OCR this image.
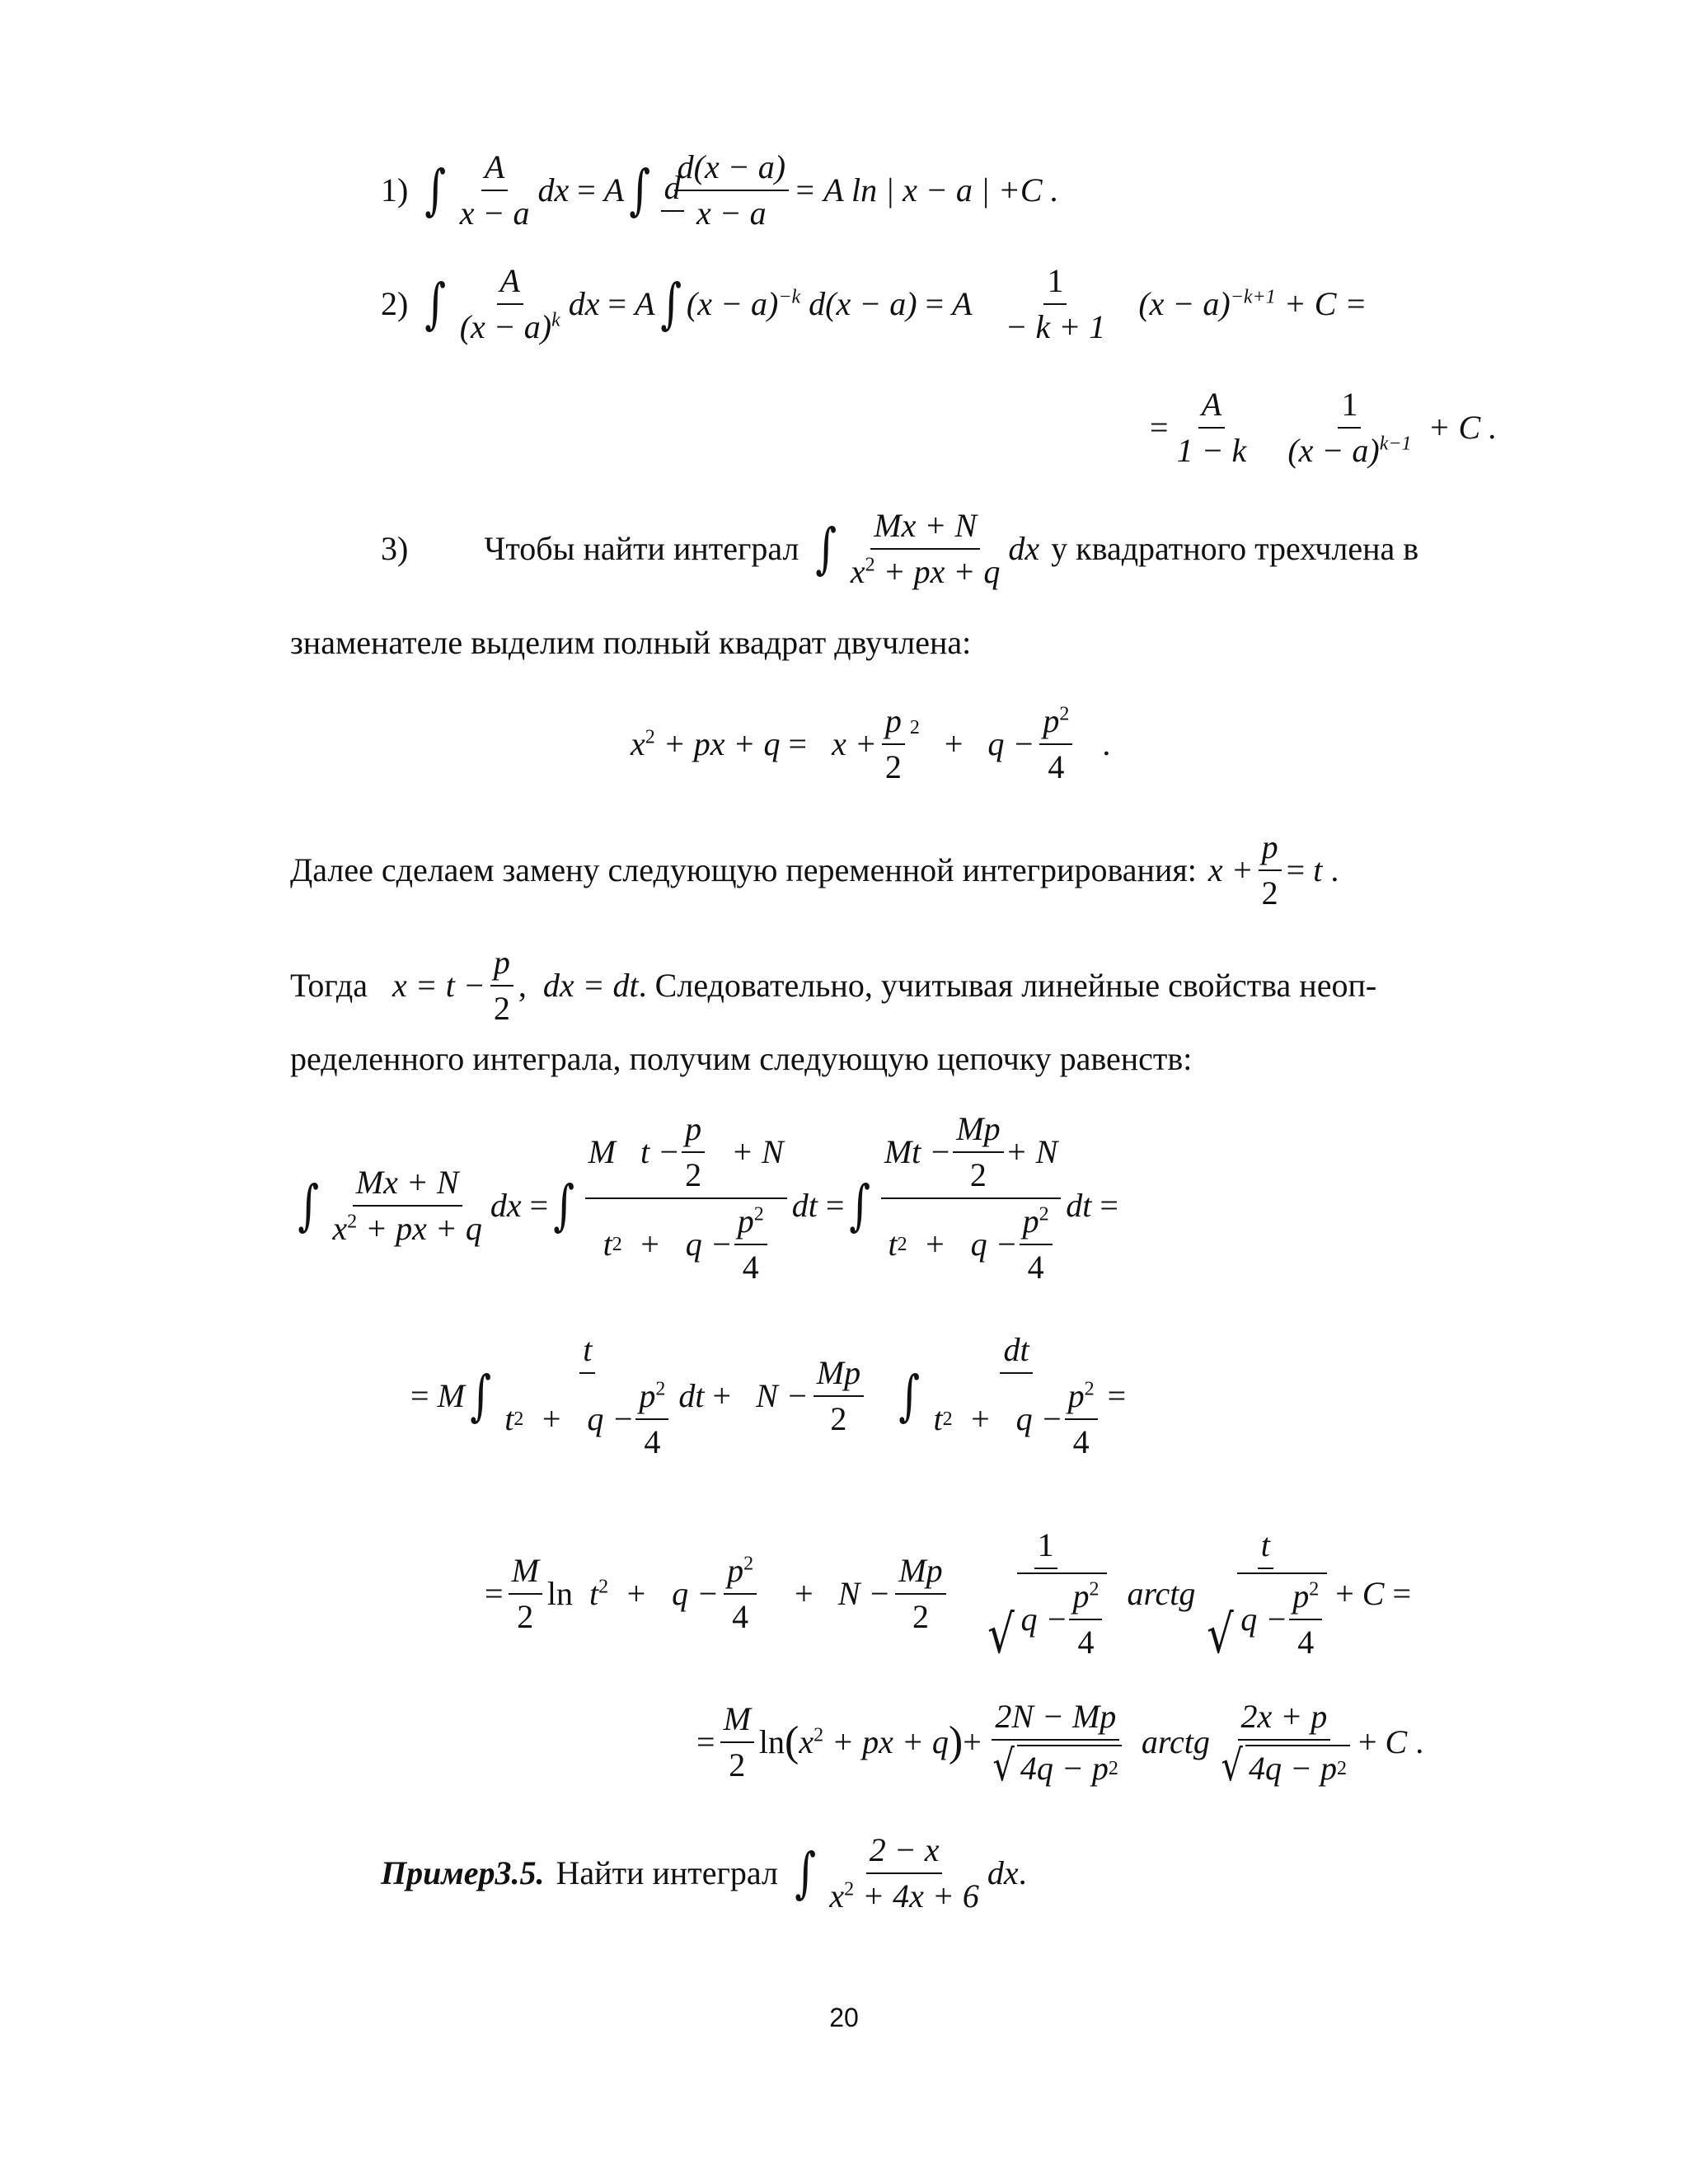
1) ∫ $\frac{A}{x - a}$ dx
=
A ∫ d
$\frac{d(x - a)}{x - a} = A$ ln | x − a | +C .
2) ∫ $\frac{A}{(x - a)^k}$ dx
=
A ∫ $(x - a)^{-k}$ d(x − a)
=
A $\frac{1}{- k + 1} (x - a)^{-k+1}$
+ C =
= $\frac{A}{1 - k} \frac{1}{(x - a)^{k-1}}$
+ C .
3) Чтобы найти интеграл ∫ $\frac{Mx + N}{x^2 + px + q}$ dx у квадратного трехчлена в
знаменателе выделим полный квадрат двучлена:
$x^2$ + px + q
= $x + \frac{p}{2} 2 + q - \frac{p^2}{4}$ .
Далее сделаем замену следующую переменной интегрирования: $x + \frac{p}{2}$ =
t
.
Тогда $x = t - \frac{p}{2}$ ,
dx = dt . Следовательно, учитывая линейные свойства неоп-
ределенного интеграла, получим следующую цепочку равенств:
∫ $\frac{Mx + N}{x^2 + px + q}$ dx
= ∫ $\frac{M t - \frac{p}{2} + N}{t 2 + q - \frac{p^2}{4}}$ dt
= ∫ $\frac{Mt - \frac{Mp}{2} + N}{t 2 + q - \frac{p^2}{4}}$ dt
=
=
M ∫ $\frac{t}{t 2 + q - \frac{p^2}{4}}$ dt
+ $N - \frac{Mp}{2}$ ∫ $\frac{dt}{t 2 + q - \frac{p^2}{4}}$ =
= $\frac{M}{2}$ ln
$t^2 + q - \frac{p^2}{4}$
+ $N - \frac{Mp}{2} \frac{1}{√ q - \frac{p^2}{4}}$ arctg $\frac{t}{√ q - \frac{p^2}{4}}$ +
C
=
= $\frac{M}{2}$ ln ( $x^2$ + px + q ) + $\frac{2N - Mp}{√ 4q - p 2}$ arctg $\frac{2x + p}{√ 4q - p 2}$ +
C
.
Пример3.5. Найти интеграл ∫ $\frac{2 - x}{x^2 + 4x + 6}$ dx .
20
